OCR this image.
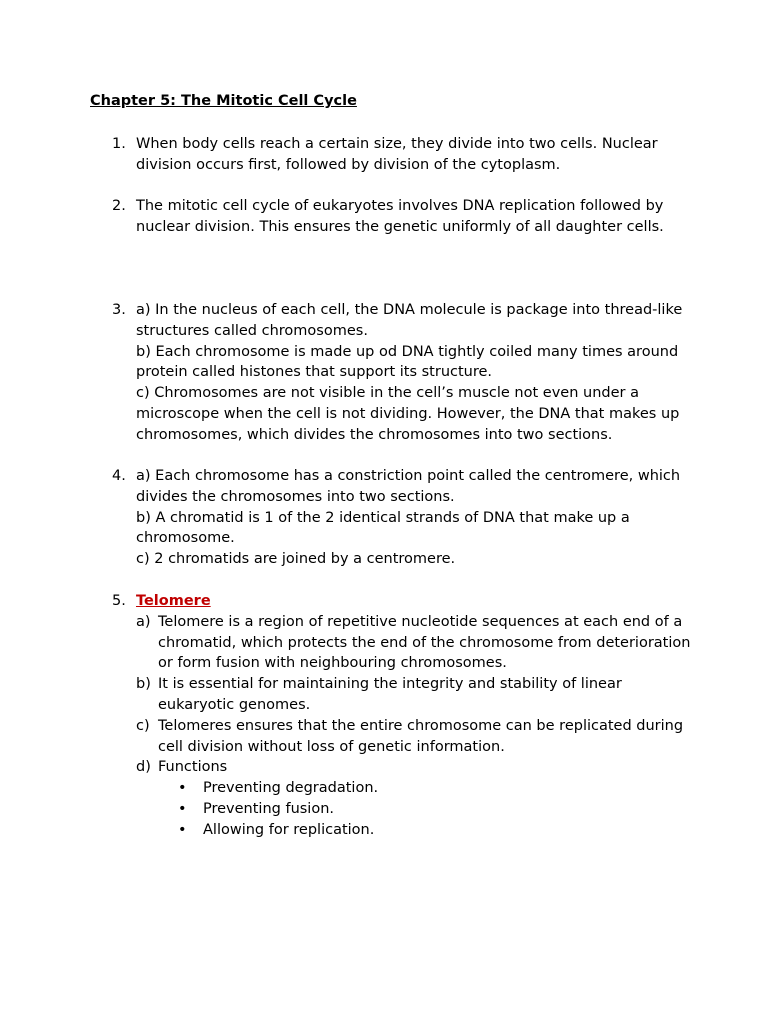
Chapter 5: The Mitotic Cell Cycle
1. When body cells reach a certain size, they divide into two cells. Nuclear division occurs first, followed by division of the cytoplasm.
2. The mitotic cell cycle of eukaryotes involves DNA replication followed by nuclear division. This ensures the genetic uniformly of all daughter cells.
3. a) In the nucleus of each cell, the DNA molecule is package into thread-like structures called chromosomes.
b) Each chromosome is made up od DNA tightly coiled many times around protein called histones that support its structure.
c) Chromosomes are not visible in the cell’s muscle not even under a microscope when the cell is not dividing. However, the DNA that makes up chromosomes, which divides the chromosomes into two sections.
4. a) Each chromosome has a constriction point called the centromere, which divides the chromosomes into two sections.
b) A chromatid is 1 of the 2 identical strands of DNA that make up a chromosome.
c) 2 chromatids are joined by a centromere.
5. Telomere
a) Telomere is a region of repetitive nucleotide sequences at each end of a chromatid, which protects the end of the chromosome from deterioration or form fusion with neighbouring chromosomes.
b) It is essential for maintaining the integrity and stability of linear eukaryotic genomes.
c) Telomeres ensures that the entire chromosome can be replicated during cell division without loss of genetic information.
d) Functions
• Preventing degradation.
• Preventing fusion.
• Allowing for replication.
